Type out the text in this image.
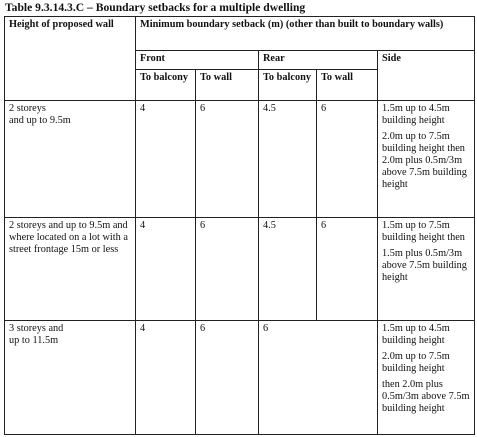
Table 9.3.14.3.C – Boundary setbacks for a multiple dwelling
Height of proposed wall	Minimum boundary setback (m) (other than built to boundary walls)				
	Front		Rear		Side
	To balcony	To wall	To balcony	To wall	

2 storeys
and up to 9.5m	4	6	4.5	6	1.5m up to 4.5m building height
2.0m up to 7.5m building height then 2.0m plus 0.5m/3m above 7.5m building height

2 storeys and up to 9.5m and where located on a lot with a street frontage 15m or less	4	6	4.5	6	1.5m up to 7.5m building height then
1.5m plus 0.5m/3m above 7.5m building height

3 storeys and
up to 11.5m	4	6	6		1.5m up to 4.5m building height
2.0m up to 7.5m building height
then 2.0m plus 0.5m/3m above 7.5m building height
